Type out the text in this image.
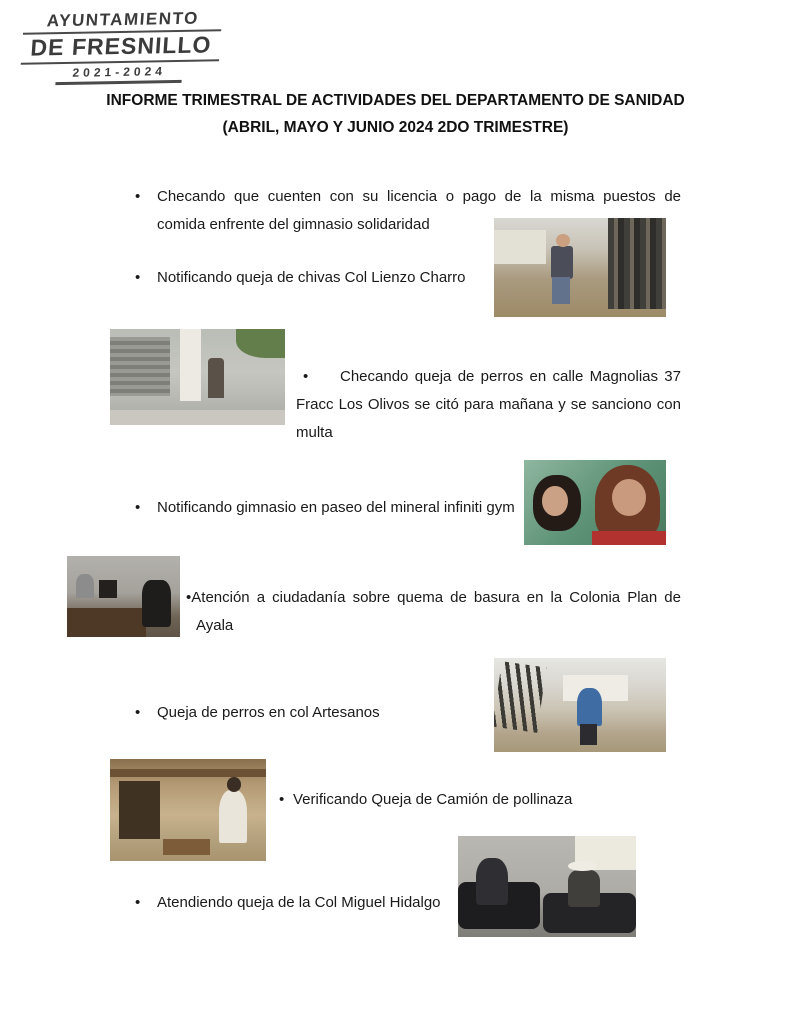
AYUNTAMIENTO
DE FRESNILLO
2021-2024
INFORME TRIMESTRAL DE ACTIVIDADES DEL DEPARTAMENTO DE SANIDAD
(ABRIL, MAYO Y JUNIO 2024 2DO TRIMESTRE)
• Checando que cuenten con su licencia o pago de la misma puestos de
comida enfrente del gimnasio solidaridad
• Notificando queja de chivas Col Lienzo Charro
• Checando queja de perros en calle Magnolias 37
Fracc Los Olivos se citó para mañana y se sanciono con
multa
• Notificando gimnasio en paseo del mineral infiniti gym
•Atención a ciudadanía sobre quema de basura en la Colonia Plan de
Ayala
• Queja de perros en col Artesanos
• Verificando Queja de Camión de pollinaza
• Atendiendo queja de la Col Miguel Hidalgo
